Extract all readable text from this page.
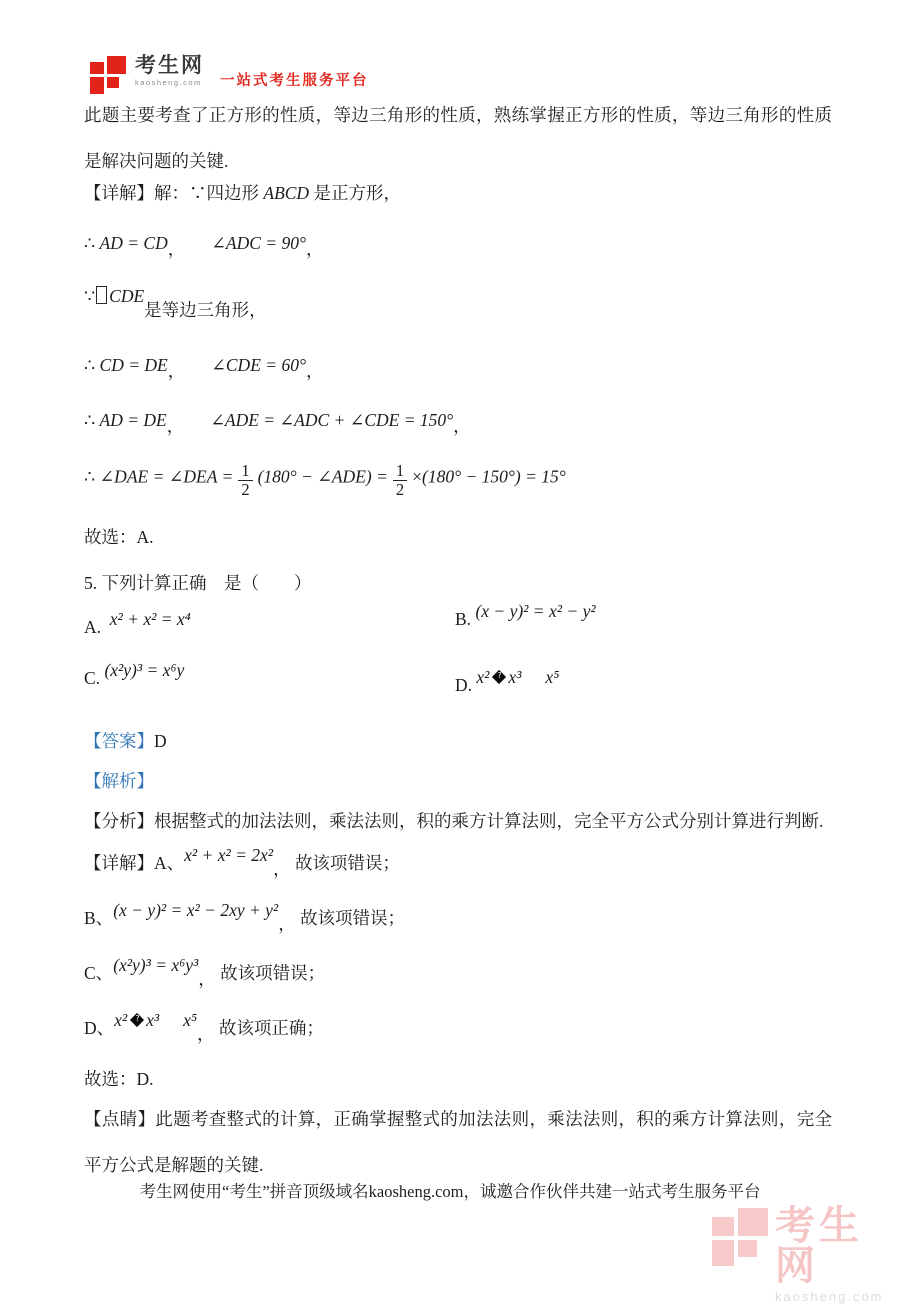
考生网
kaosheng.com 一站式考生服务平台
此题主要考查了正方形的性质，等边三角形的性质，熟练掌握正方形的性质，等边三角形的性质是解决问题的关键.
【详解】解：∵四边形 ABCD 是正方形，
∴ AD = CD， ∠ADC = 90°，
∵ CDE是等边三角形，
∴ CD = DE， ∠CDE = 60°，
∴ AD = DE， ∠ADE = ∠ADC + ∠CDE = 150°，
∴ ∠DAE = ∠DEA = $\frac{1}{2} (180^\circ$ − ∠ADE) = $\frac{1}{2} \times(180^\circ - 150^\circ) = 15^\circ$
故选：A.
5. 下列计算正确　是（　　）
A. x² + x² = x⁴	B. (x − y)² = x² − y²
C. (x²y)³ = x⁶y
D. x² ? x³ x⁵
【答案】D
【解析】
【分析】根据整式的加法法则，乘法法则，积的乘方计算法则，完全平方公式分别计算进行判断.
【详解】A、x² + x² = 2x²， 故该项错误；
B、(x − y)² = x² − 2xy + y²， 故该项错误；
C、(x²y)³ = x⁶y³， 故该项错误；
D、x² ? x³ x⁵， 故该项正确；
故选：D.
【点睛】此题考查整式的计算，正确掌握整式的加法法则，乘法法则，积的乘方计算法则，完全平方公式是解题的关键.
考生网使用“考生”拼音顶级域名kaosheng.com，诚邀合作伙伴共建一站式考生服务平台
考生网
kaosheng.com
